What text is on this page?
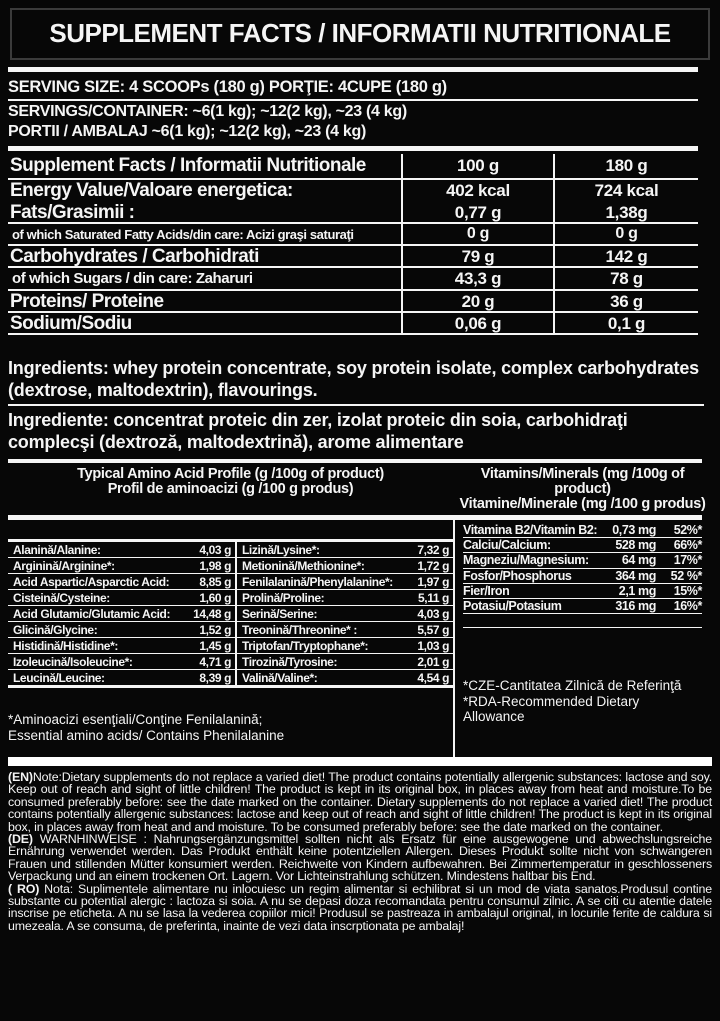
SUPPLEMENT FACTS / INFORMATII NUTRITIONALE
SERVING SIZE: 4 SCOOPs (180 g) PORŢIE: 4CUPE (180 g)
SERVINGS/CONTAINER: ~6(1 kg); ~12(2 kg), ~23 (4 kg)
PORTII / AMBALAJ ~6(1 kg); ~12(2 kg), ~23 (4 kg)
Supplement Facts / Informatii Nutritionale	100 g	180 g
Energy Value/Valoare energetica:	402 kcal	724 kcal
Fats/Grasimii :	0,77 g	1,38g
of which Saturated Fatty Acids/din care: Acizi graşi saturaţi	0 g	0 g
Carbohydrates / Carbohidrati	79 g	142 g
of which Sugars / din care: Zaharuri	43,3 g	78 g
Proteins/ Proteine	20 g	36 g
Sodium/Sodiu	0,06 g	0,1 g
Ingredients: whey protein concentrate, soy protein isolate, complex carbohydrates (dextrose, maltodextrin), flavourings.
Ingrediente: concentrat proteic din zer, izolat proteic din soia, carbohidraţi complecşi (dextroză, maltodextrină), arome alimentare
Typical Amino Acid Profile (g /100g of product)
Profil de aminoacizi (g /100 g produs)
Vitamins/Minerals (mg /100g of product)
Vitamine/Minerale (mg /100 g produs)
Alanină/Alanine:	4,03 g
Arginină/Arginine*:	1,98 g
Acid Aspartic/Asparctic Acid:	8,85 g
Cisteină/Cysteine:	1,60 g
Acid Glutamic/Glutamic Acid: 14,48 g
Glicină/Glycine:	1,52 g
Histidină/Histidine*:	1,45 g
Izoleucină/Isoleucine*:	4,71 g
Leucină/Leucine:	8,39 g
Lizină/Lysine*:	7,32 g
Metionină/Methionine*:	1,72 g
Fenilalanină/Phenylalanine*: 1,97 g
Prolină/Proline:	5,11 g
Serină/Serine:	4,03 g
Treonină/Threonine* :	5,57 g
Triptofan/Tryptophane*:	1,03 g
Tirozină/Tyrosine:	2,01 g
Valină/Valine*:	4,54 g
*Aminoacizi esenţiali/Conţine Fenilalanină;
Essential amino acids/ Contains Phenilalanine
Vitamina B2/Vitamin B2:	0,73 mg	52%*
Calciu/Calcium:	528 mg	66%*
Magneziu/Magnesium:	64 mg	17%*
Fosfor/Phosphorus	364 mg	52 %*
Fier/Iron	2,1 mg	15%*
Potasiu/Potasium	316 mg	16%*
*CZE-Cantitatea Zilnică de Referinţă
*RDA-Recommended Dietary
Allowance

(EN)Note:Dietary supplements do not replace a varied diet! The product contains potentially allergenic substances: lactose and soy. Keep out of reach and sight of little children! The product is kept in its original box, in places away from heat and moisture.To be consumed preferably before: see the date marked on the container. Dietary supplements do not replace a varied diet! The product contains potentially allergenic substances: lactose and keep out of reach and sight of little children! The product is kept in its original box, in places away from heat and and moisture. To be consumed preferably before: see the date marked on the container.

(DE) WARNHINWEISE : Nahrungsergänzungsmittel sollten nicht als Ersatz für eine ausgewogene und abwechslungsreiche Ernährung verwendet werden. Das Produkt enthält keine potentziellen Allergen. Dieses Produkt sollte nicht von schwangeren Frauen und stillenden Mütter konsumiert werden. Reichweite von Kindern aufbewahren. Bei Zimmertemperatur in geschlosseners Verpackung und an einem trockenen Ort. Lagern. Vor Lichteinstrahlung schützen. Mindestens haltbar bis End.

( RO) Nota: Suplimentele alimentare nu inlocuiesc un regim alimentar si echilibrat si un mod de viata sanatos.Produsul contine substante cu potential alergic : lactoza si soia. A nu se depasi doza recomandata pentru consumul zilnic. A se citi cu atentie datele inscrise pe eticheta. A nu se lasa la vederea copiilor mici! Produsul se pastreaza in ambalajul original, in locurile ferite de caldura si umezeala. A se consuma, de preferinta, inainte de vezi data inscrptionata pe ambalaj!
